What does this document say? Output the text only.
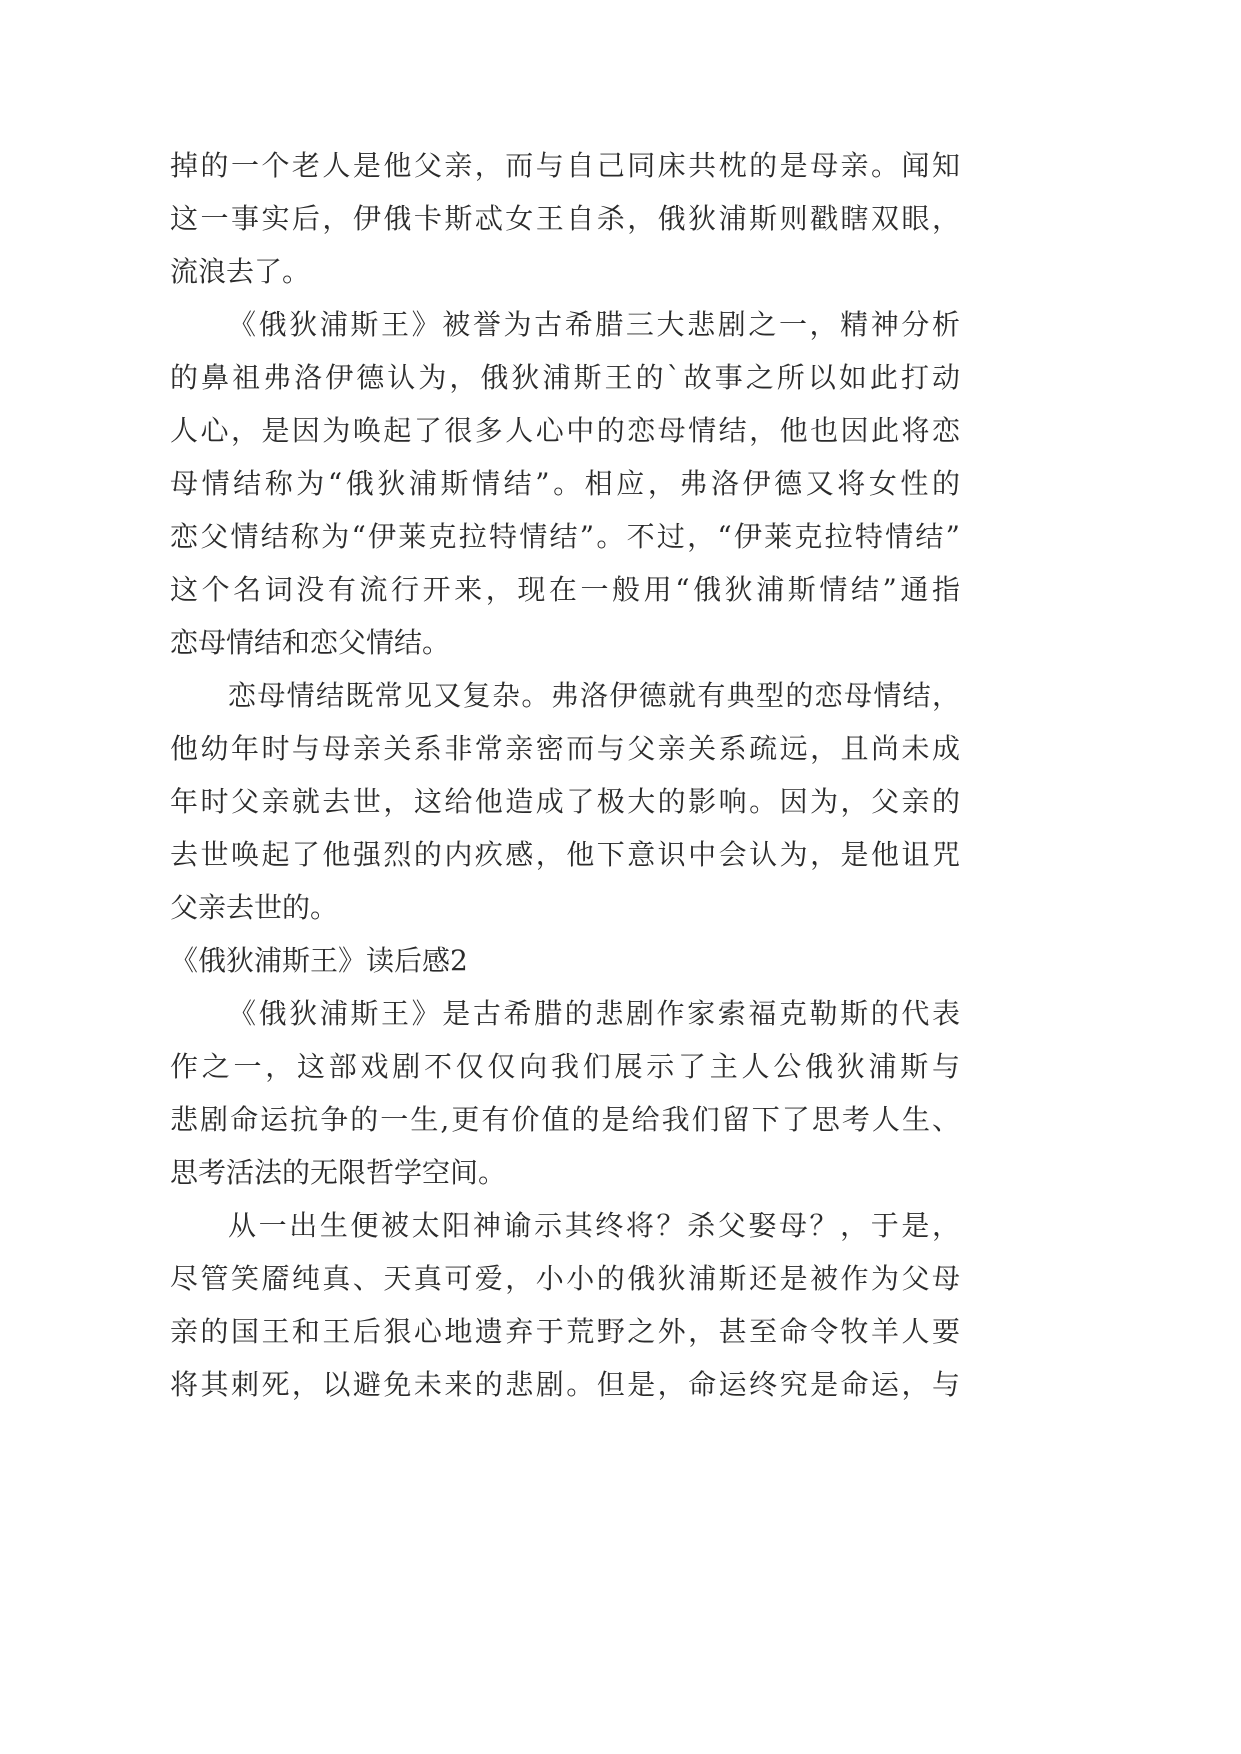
掉的一个老人是他父亲，而与自己同床共枕的是母亲。闻知
这一事实后，伊俄卡斯忒女王自杀，俄狄浦斯则戳瞎双眼，
流浪去了。
《俄狄浦斯王》被誉为古希腊三大悲剧之一，精神分析
的鼻祖弗洛伊德认为，俄狄浦斯王的`故事之所以如此打动
人心，是因为唤起了很多人心中的恋母情结，他也因此将恋
母情结称为“俄狄浦斯情结”。相应，弗洛伊德又将女性的
恋父情结称为“伊莱克拉特情结”。不过，“伊莱克拉特情结”
这个名词没有流行开来，现在一般用“俄狄浦斯情结”通指
恋母情结和恋父情结。
恋母情结既常见又复杂。弗洛伊德就有典型的恋母情结，
他幼年时与母亲关系非常亲密而与父亲关系疏远，且尚未成
年时父亲就去世，这给他造成了极大的影响。因为，父亲的
去世唤起了他强烈的内疚感，他下意识中会认为，是他诅咒
父亲去世的。
《俄狄浦斯王》读后感2
《俄狄浦斯王》是古希腊的悲剧作家索福克勒斯的代表
作之一，这部戏剧不仅仅向我们展示了主人公俄狄浦斯与
悲剧命运抗争的一生,更有价值的是给我们留下了思考人生、
思考活法的无限哲学空间。
从一出生便被太阳神谕示其终将？杀父娶母？，于是，
尽管笑靥纯真、天真可爱，小小的俄狄浦斯还是被作为父母
亲的国王和王后狠心地遗弃于荒野之外，甚至命令牧羊人要
将其刺死，以避免未来的悲剧。但是，命运终究是命运，与
